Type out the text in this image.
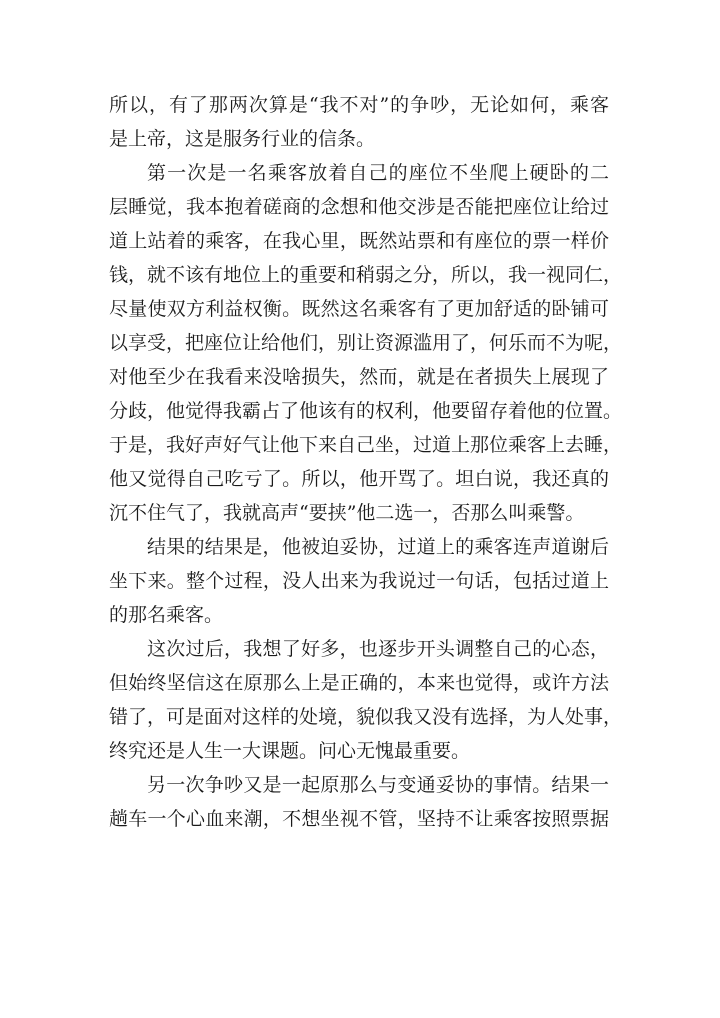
所以，有了那两次算是“我不对”的争吵，无论如何，乘客
是上帝，这是服务行业的信条。
第一次是一名乘客放着自己的座位不坐爬上硬卧的二
层睡觉，我本抱着磋商的念想和他交涉是否能把座位让给过
道上站着的乘客，在我心里，既然站票和有座位的票一样价
钱，就不该有地位上的重要和稍弱之分，所以，我一视同仁，
尽量使双方利益权衡。既然这名乘客有了更加舒适的卧铺可
以享受，把座位让给他们，别让资源滥用了，何乐而不为呢，
对他至少在我看来没啥损失，然而，就是在者损失上展现了
分歧，他觉得我霸占了他该有的权利，他要留存着他的位置。
于是，我好声好气让他下来自己坐，过道上那位乘客上去睡，
他又觉得自己吃亏了。所以，他开骂了。坦白说，我还真的
沉不住气了，我就高声“要挟”他二选一，否那么叫乘警。
结果的结果是，他被迫妥协，过道上的乘客连声道谢后
坐下来。整个过程，没人出来为我说过一句话，包括过道上
的那名乘客。
这次过后，我想了好多，也逐步开头调整自己的心态，
但始终坚信这在原那么上是正确的，本来也觉得，或许方法
错了，可是面对这样的处境，貌似我又没有选择，为人处事，
终究还是人生一大课题。问心无愧最重要。
另一次争吵又是一起原那么与变通妥协的事情。结果一
趟车一个心血来潮，不想坐视不管，坚持不让乘客按照票据
